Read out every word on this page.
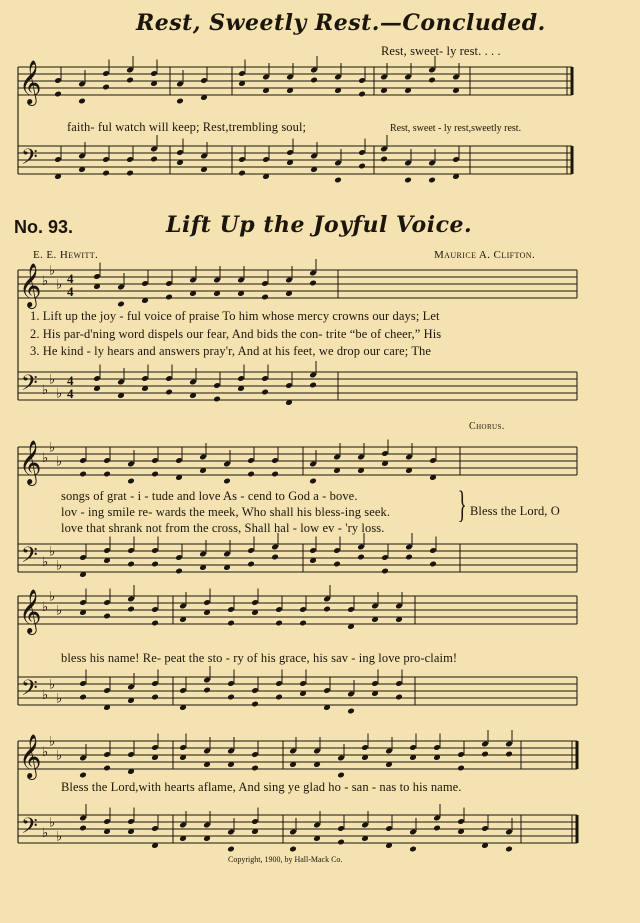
𝄞
𝄢
𝄞
𝄢
♭
♭
♭
♭
♭
♭
4
4
4
4
𝄞
𝄢
♭
♭
♭
♭
♭
♭
𝄞
𝄢
♭
♭
♭
♭
♭
♭
𝄞
𝄢
♭
♭
♭
♭
♭
♭
Rest, Sweetly Rest.—Concluded.
Rest, sweet- ly rest. . . .
faith- ful watch will keep; Rest,trembling soul;	Rest, sweet - ly rest,sweetly rest.
No. 93.	Lift Up the Joyful Voice.
E. E. Hewitt.	Maurice A. Clifton.
1. Lift up the joy - ful voice of praise To him whose mercy crowns our days; Let
2. His par-d'ning word dispels our fear, And bids the con- trite “be of cheer,” His
3. He kind - ly hears and answers pray'r, And at his feet, we drop our care; The
Chorus.
songs of grat - i - tude and love As - cend to God a - bove.
lov - ing smile re- wards the meek, Who shall his bless-ing seek.
love that shrank not from the cross, Shall hal - low ev - 'ry loss.
} Bless the Lord, O
bless his name! Re- peat the sto - ry of his grace, his sav - ing love pro-claim!
Bless the Lord,with hearts aflame, And sing ye glad ho - san - nas to his name.
Copyright, 1900, by Hall-Mack Co.
